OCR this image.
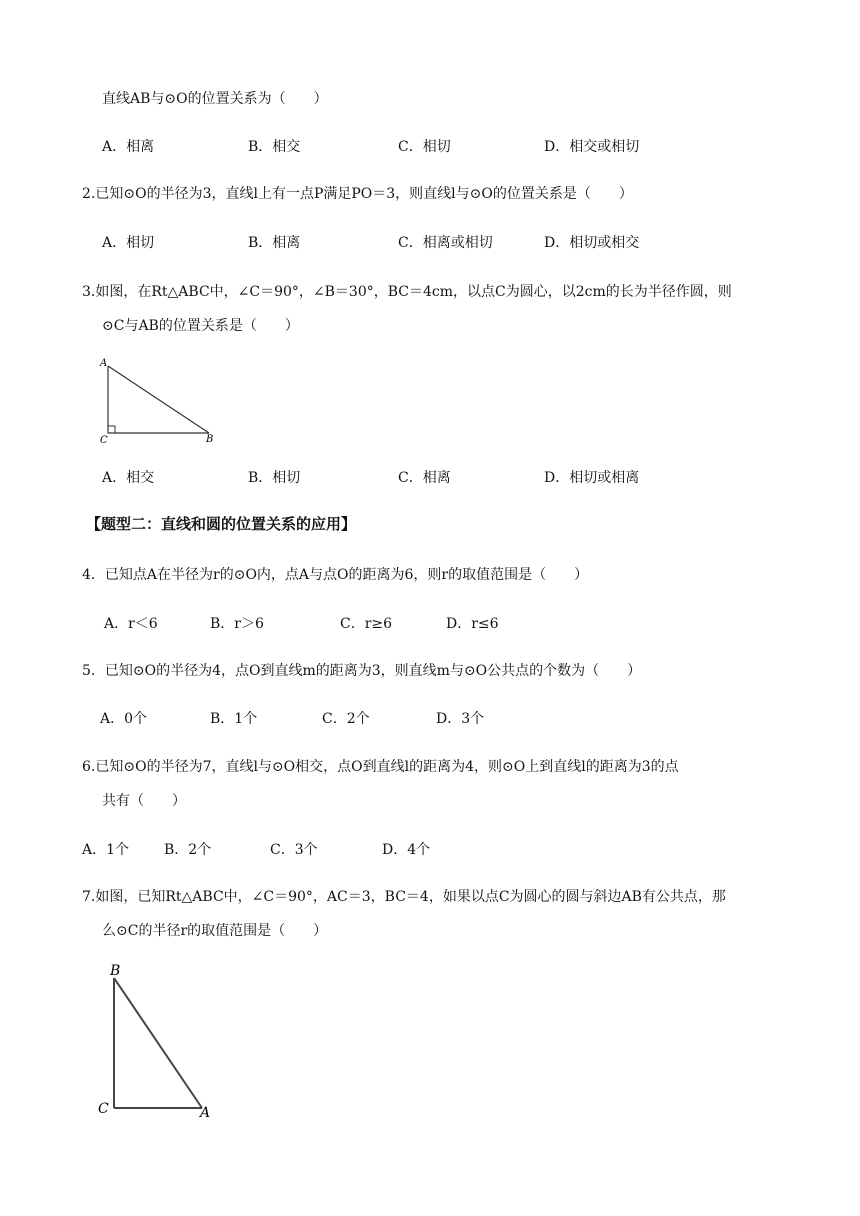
直线AB与⊙O的位置关系为（　　）
A．相离	B．相交	C．相切	D．相交或相切
2.已知⊙O的半径为3，直线l上有一点P满足PO＝3，则直线l与⊙O的位置关系是（　　）
A．相切	B．相离	C．相离或相切	D．相切或相交
3.如图，在Rt△ABC中，∠C＝90°，∠B＝30°，BC＝4cm，以点C为圆心，以2cm的长为半径作圆，则
⊙C与AB的位置关系是（　　）
A
C	B
A．相交	B．相切	C．相离	D．相切或相离
【题型二：直线和圆的位置关系的应用】
4．已知点A在半径为r的⊙O内，点A与点O的距离为6，则r的取值范围是（　　）
A．r＜6	B．r＞6	C．r≥6	D．r≤6
5．已知⊙O的半径为4，点O到直线m的距离为3，则直线m与⊙O公共点的个数为（　　）
A．0个	B．1个	C．2个	D．3个
6.已知⊙O的半径为7，直线l与⊙O相交，点O到直线l的距离为4，则⊙O上到直线l的距离为3的点
共有（　　）
A．1个 B．2个	C．3个	D．4个
7.如图，已知Rt△ABC中，∠C＝90°，AC＝3，BC＝4，如果以点C为圆心的圆与斜边AB有公共点，那
么⊙C的半径r的取值范围是（　　）
B
C	A
